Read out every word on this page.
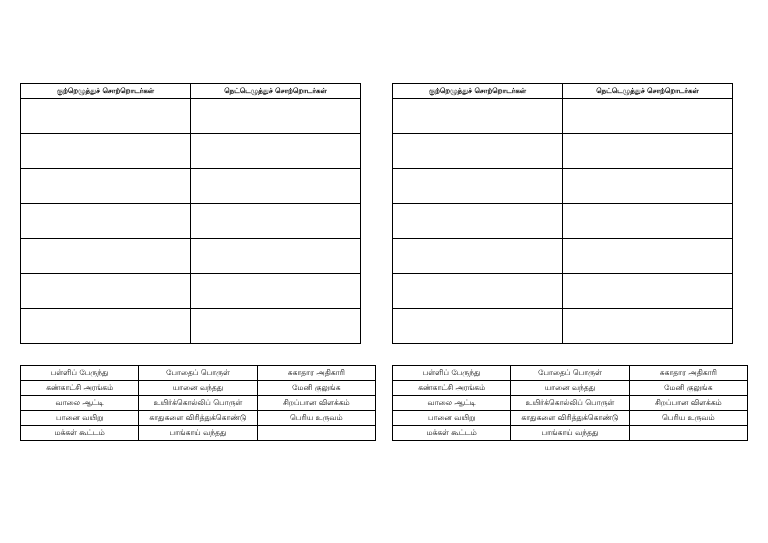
குற்றெழுத்துச் சொற்றொடர்கள்	நெட்டெழுத்துச் சொற்றொடர்கள்

		குற்றெழுத்துச் சொற்றொடர்கள்	நெட்டெழுத்துச் சொற்றொடர்கள்

பள்ளிப் பேருந்து	போதைப் பொருள்	சுகாதார அதிகாரி
கண்காட்சி அரங்கம்	யானை வந்தது	மேனி குலுங்க
வாலை ஆட்டி	உயிர்க்கொல்லிப் பொருள்	சிறப்பான விளக்கம்
பானை வயிறு	காதுகளை விரித்துக்கொண்டு	பெரிய உருவம்
மக்கள் கூட்டம்	பாங்காய் வந்தது	
பள்ளிப் பேருந்து	போதைப் பொருள்	சுகாதார அதிகாரி
கண்காட்சி அரங்கம்	யானை வந்தது	மேனி குலுங்க
வாலை ஆட்டி	உயிர்க்கொல்லிப் பொருள்	சிறப்பான விளக்கம்
பானை வயிறு	காதுகளை விரித்துக்கொண்டு	பெரிய உருவம்
மக்கள் கூட்டம்	பாங்காய் வந்தது	
